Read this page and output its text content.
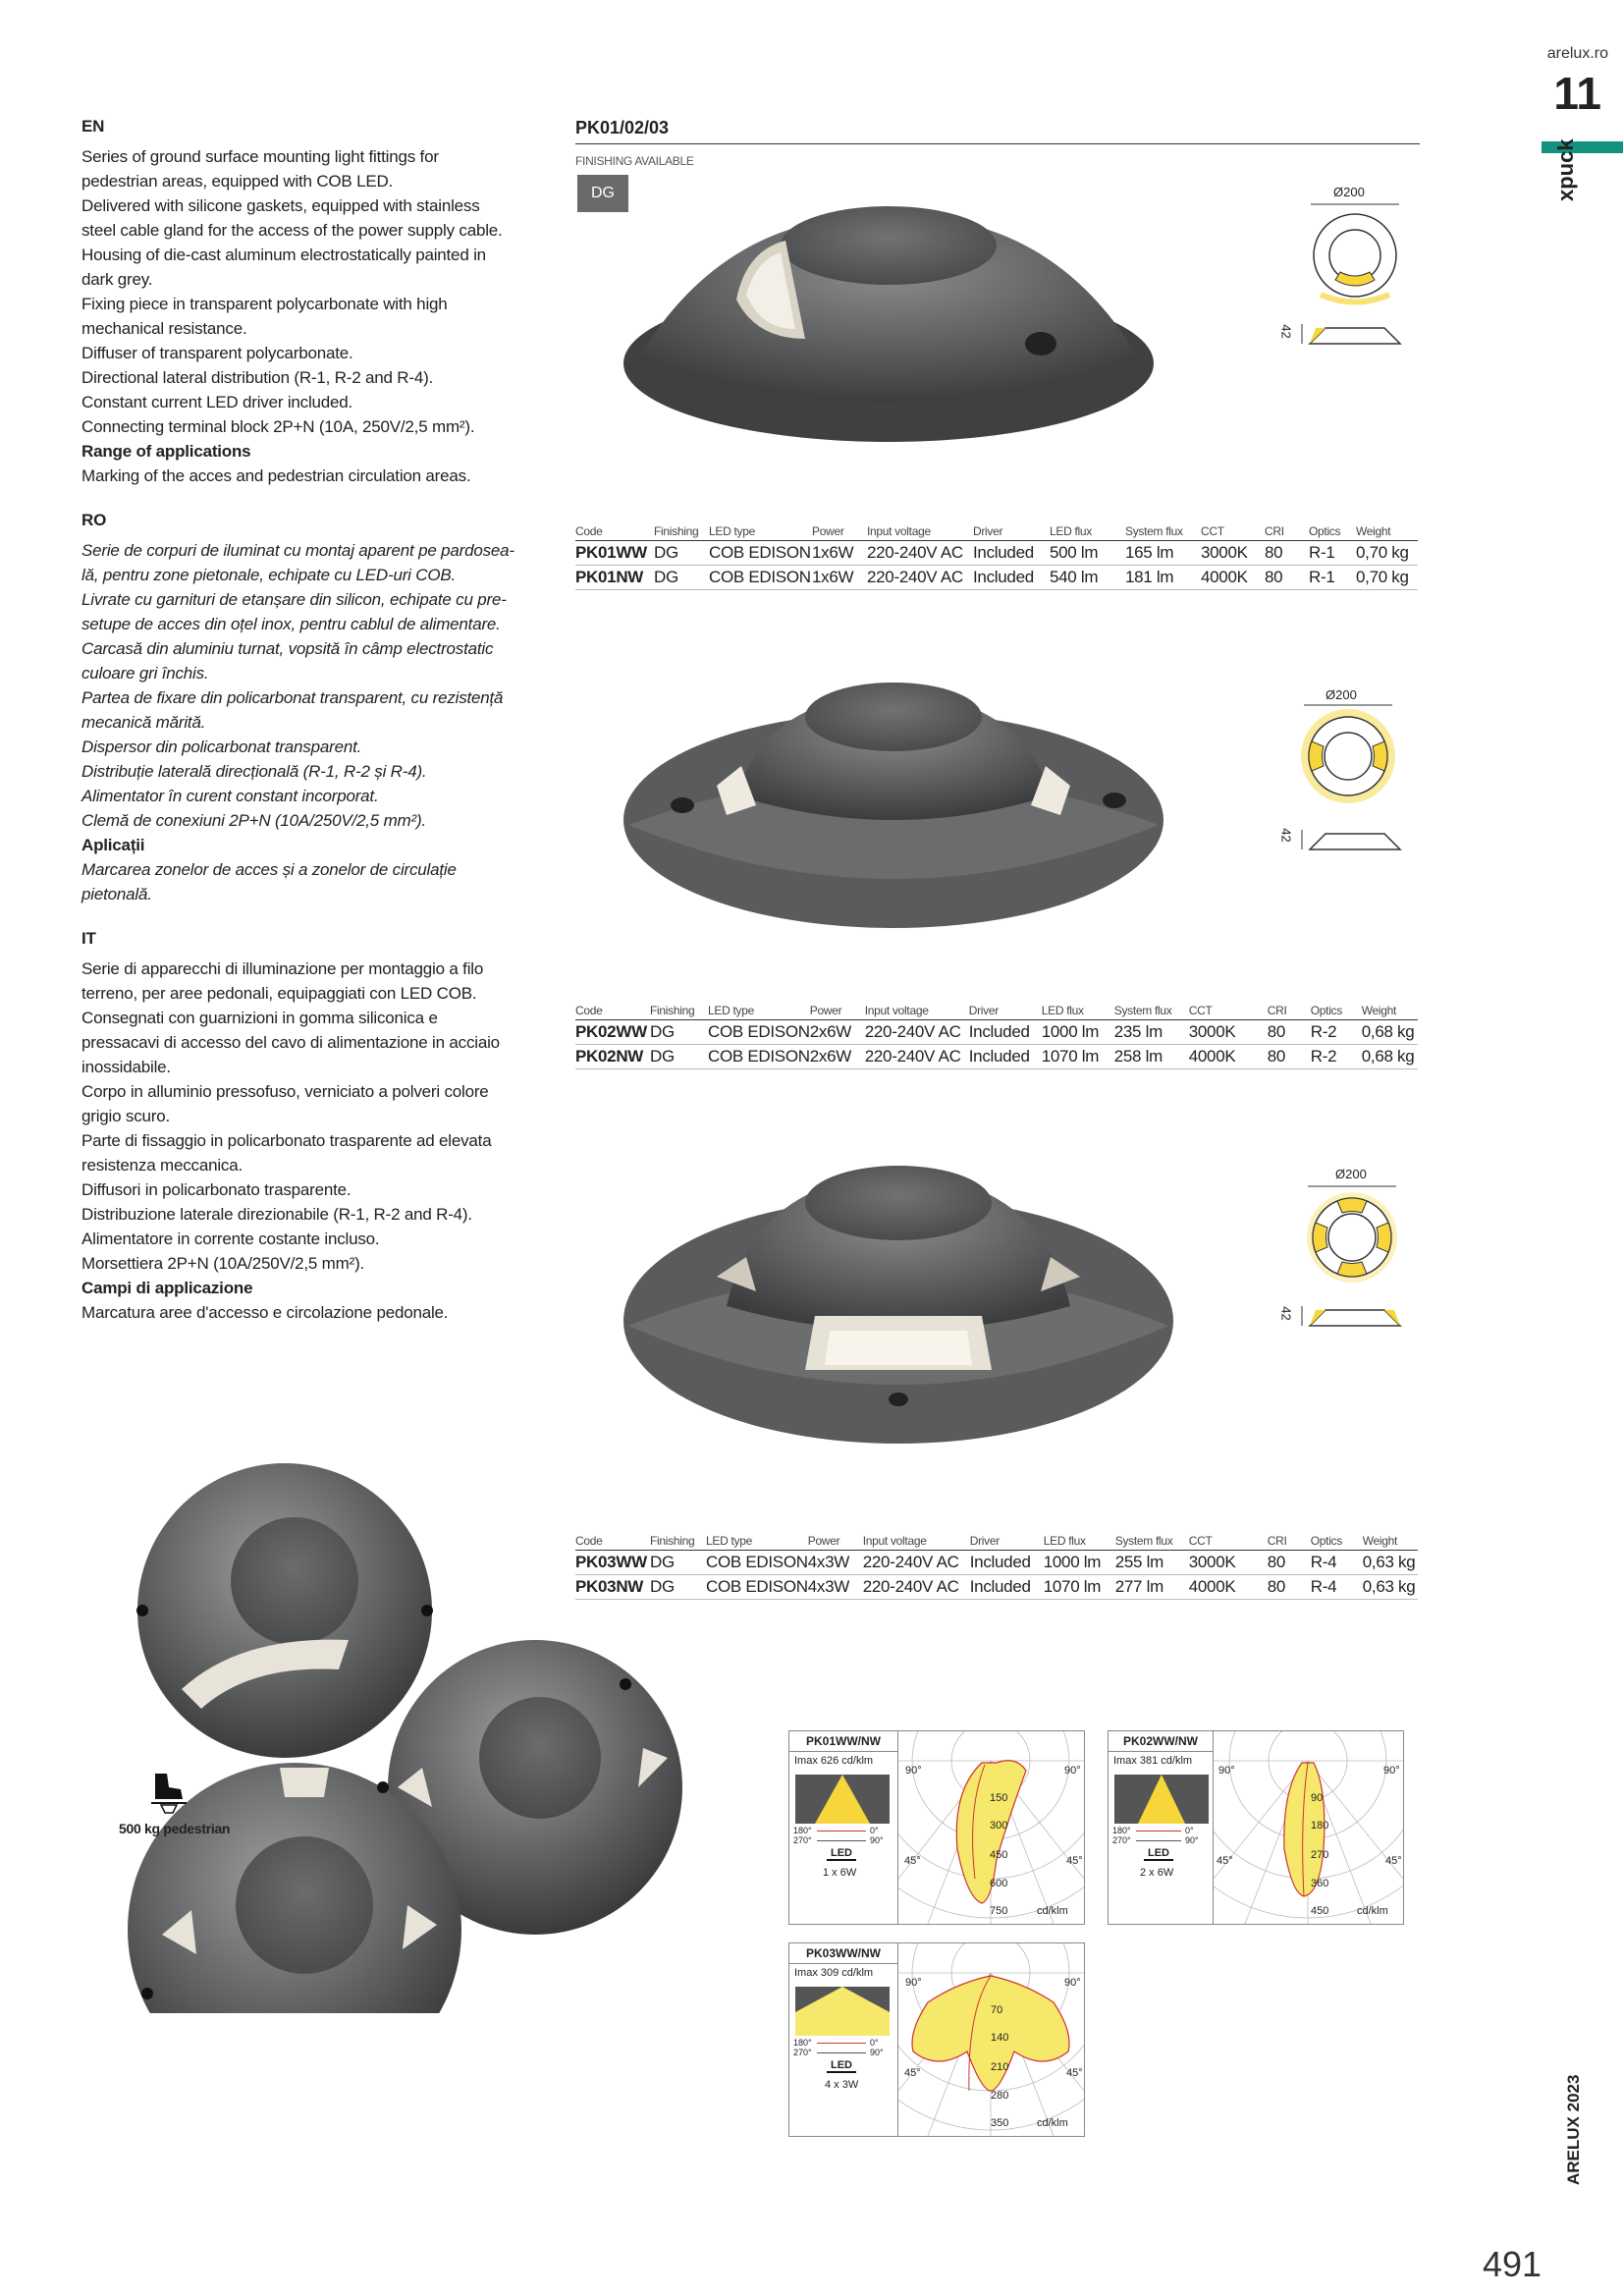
arelux.ro
11
xpuck
ARELUX 2023
491
EN

Series of ground surface mounting light fittings for

pedestrian areas, equipped with COB LED.

Delivered with silicone gaskets, equipped with stainless

steel cable gland for the access of the power supply cable.

Housing of die-cast aluminum electrostatically painted in

dark grey.

Fixing piece in transparent polycarbonate with high

mechanical resistance.

Diffuser of transparent polycarbonate.

Directional lateral distribution (R-1, R-2 and R-4).

Constant current LED driver included.

Connecting terminal block 2P+N (10A, 250V/2,5 mm²).

Range of applications

Marking of the acces and pedestrian circulation areas.

RO

Serie de corpuri de iluminat cu montaj aparent pe pardosea-

lă, pentru zone pietonale, echipate cu LED-uri COB.

Livrate cu garnituri de etanșare din silicon, echipate cu pre-

setupe de acces din oțel inox, pentru cablul de alimentare.

Carcasă din aluminiu turnat, vopsită în câmp electrostatic

culoare gri închis.

Partea de fixare din policarbonat transparent, cu rezistență

mecanică mărită.

Dispersor din policarbonat transparent.

Distribuție laterală direcțională (R-1, R-2 și R-4).

Alimentator în curent constant incorporat.

Clemă de conexiuni 2P+N (10A/250V/2,5 mm²).

Aplicații

Marcarea zonelor de acces și a zonelor de circulație

pietonală.

IT

Serie di apparecchi di illuminazione per montaggio a filo

terreno, per aree pedonali, equipaggiati con LED COB.

Consegnati con guarnizioni in gomma siliconica e

pressacavi di accesso del cavo di alimentazione in acciaio

inossidabile.

Corpo in alluminio pressofuso, verniciato a polveri colore

grigio scuro.

Parte di fissaggio in policarbonato trasparente ad elevata

resistenza meccanica.

Diffusori in policarbonato trasparente.

Distribuzione laterale direzionabile (R-1, R-2 and R-4).

Alimentatore in corrente costante incluso.

Morsettiera 2P+N (10A/250V/2,5 mm²).

Campi di applicazione

Marcatura aree d'accesso e circolazione pedonale.

PK01/02/03
FINISHING AVAILABLE
DG	Ø200
42
Ø200
42
Ø200
42
Code	Finishing	LED type	Power	Input voltage	Driver	LED flux	System flux	CCT	CRI	Optics	Weight
PK01WW	DG	COB EDISON	1x6W	220-240V AC	Included	500 lm	165 lm	3000K	80	R-1	0,70 kg
PK01NW	DG	COB EDISON	1x6W	220-240V AC	Included	540 lm	181 lm	4000K	80	R-1	0,70 kg
Code	Finishing	LED type	Power	Input voltage	Driver	LED flux	System flux	CCT	CRI	Optics	Weight
PK02WW	DG	COB EDISON	2x6W	220-240V AC	Included	1000 lm	235 lm	3000K	80	R-2	0,68 kg
PK02NW	DG	COB EDISON	2x6W	220-240V AC	Included	1070 lm	258 lm	4000K	80	R-2	0,68 kg
Code	Finishing	LED type	Power	Input voltage	Driver	LED flux	System flux	CCT	CRI	Optics	Weight
PK03WW	DG	COB EDISON	4x3W	220-240V AC	Included	1000 lm	255 lm	3000K	80	R-4	0,63 kg
PK03NW	DG	COB EDISON	4x3W	220-240V AC	Included	1070 lm	277 lm	4000K	80	R-4	0,63 kg
500 kg pedestrian
PK01WW/NW
Imax 626 cd/klm
180°
270°
0°
90°
LED
1 x 6W
90°	90°
45°	45°
150
300
450
600
750	cd/klm
PK02WW/NW
Imax 381 cd/klm
180°
270°
0°
90°
LED
2 x 6W
90°	90°
45°	45°
90
180
270
360
450	cd/klm
PK03WW/NW
Imax 309 cd/klm
180°
270°
0°
90°
LED
4 x 3W
90°	90°
45°	45°
70
140
210
280
350	cd/klm
